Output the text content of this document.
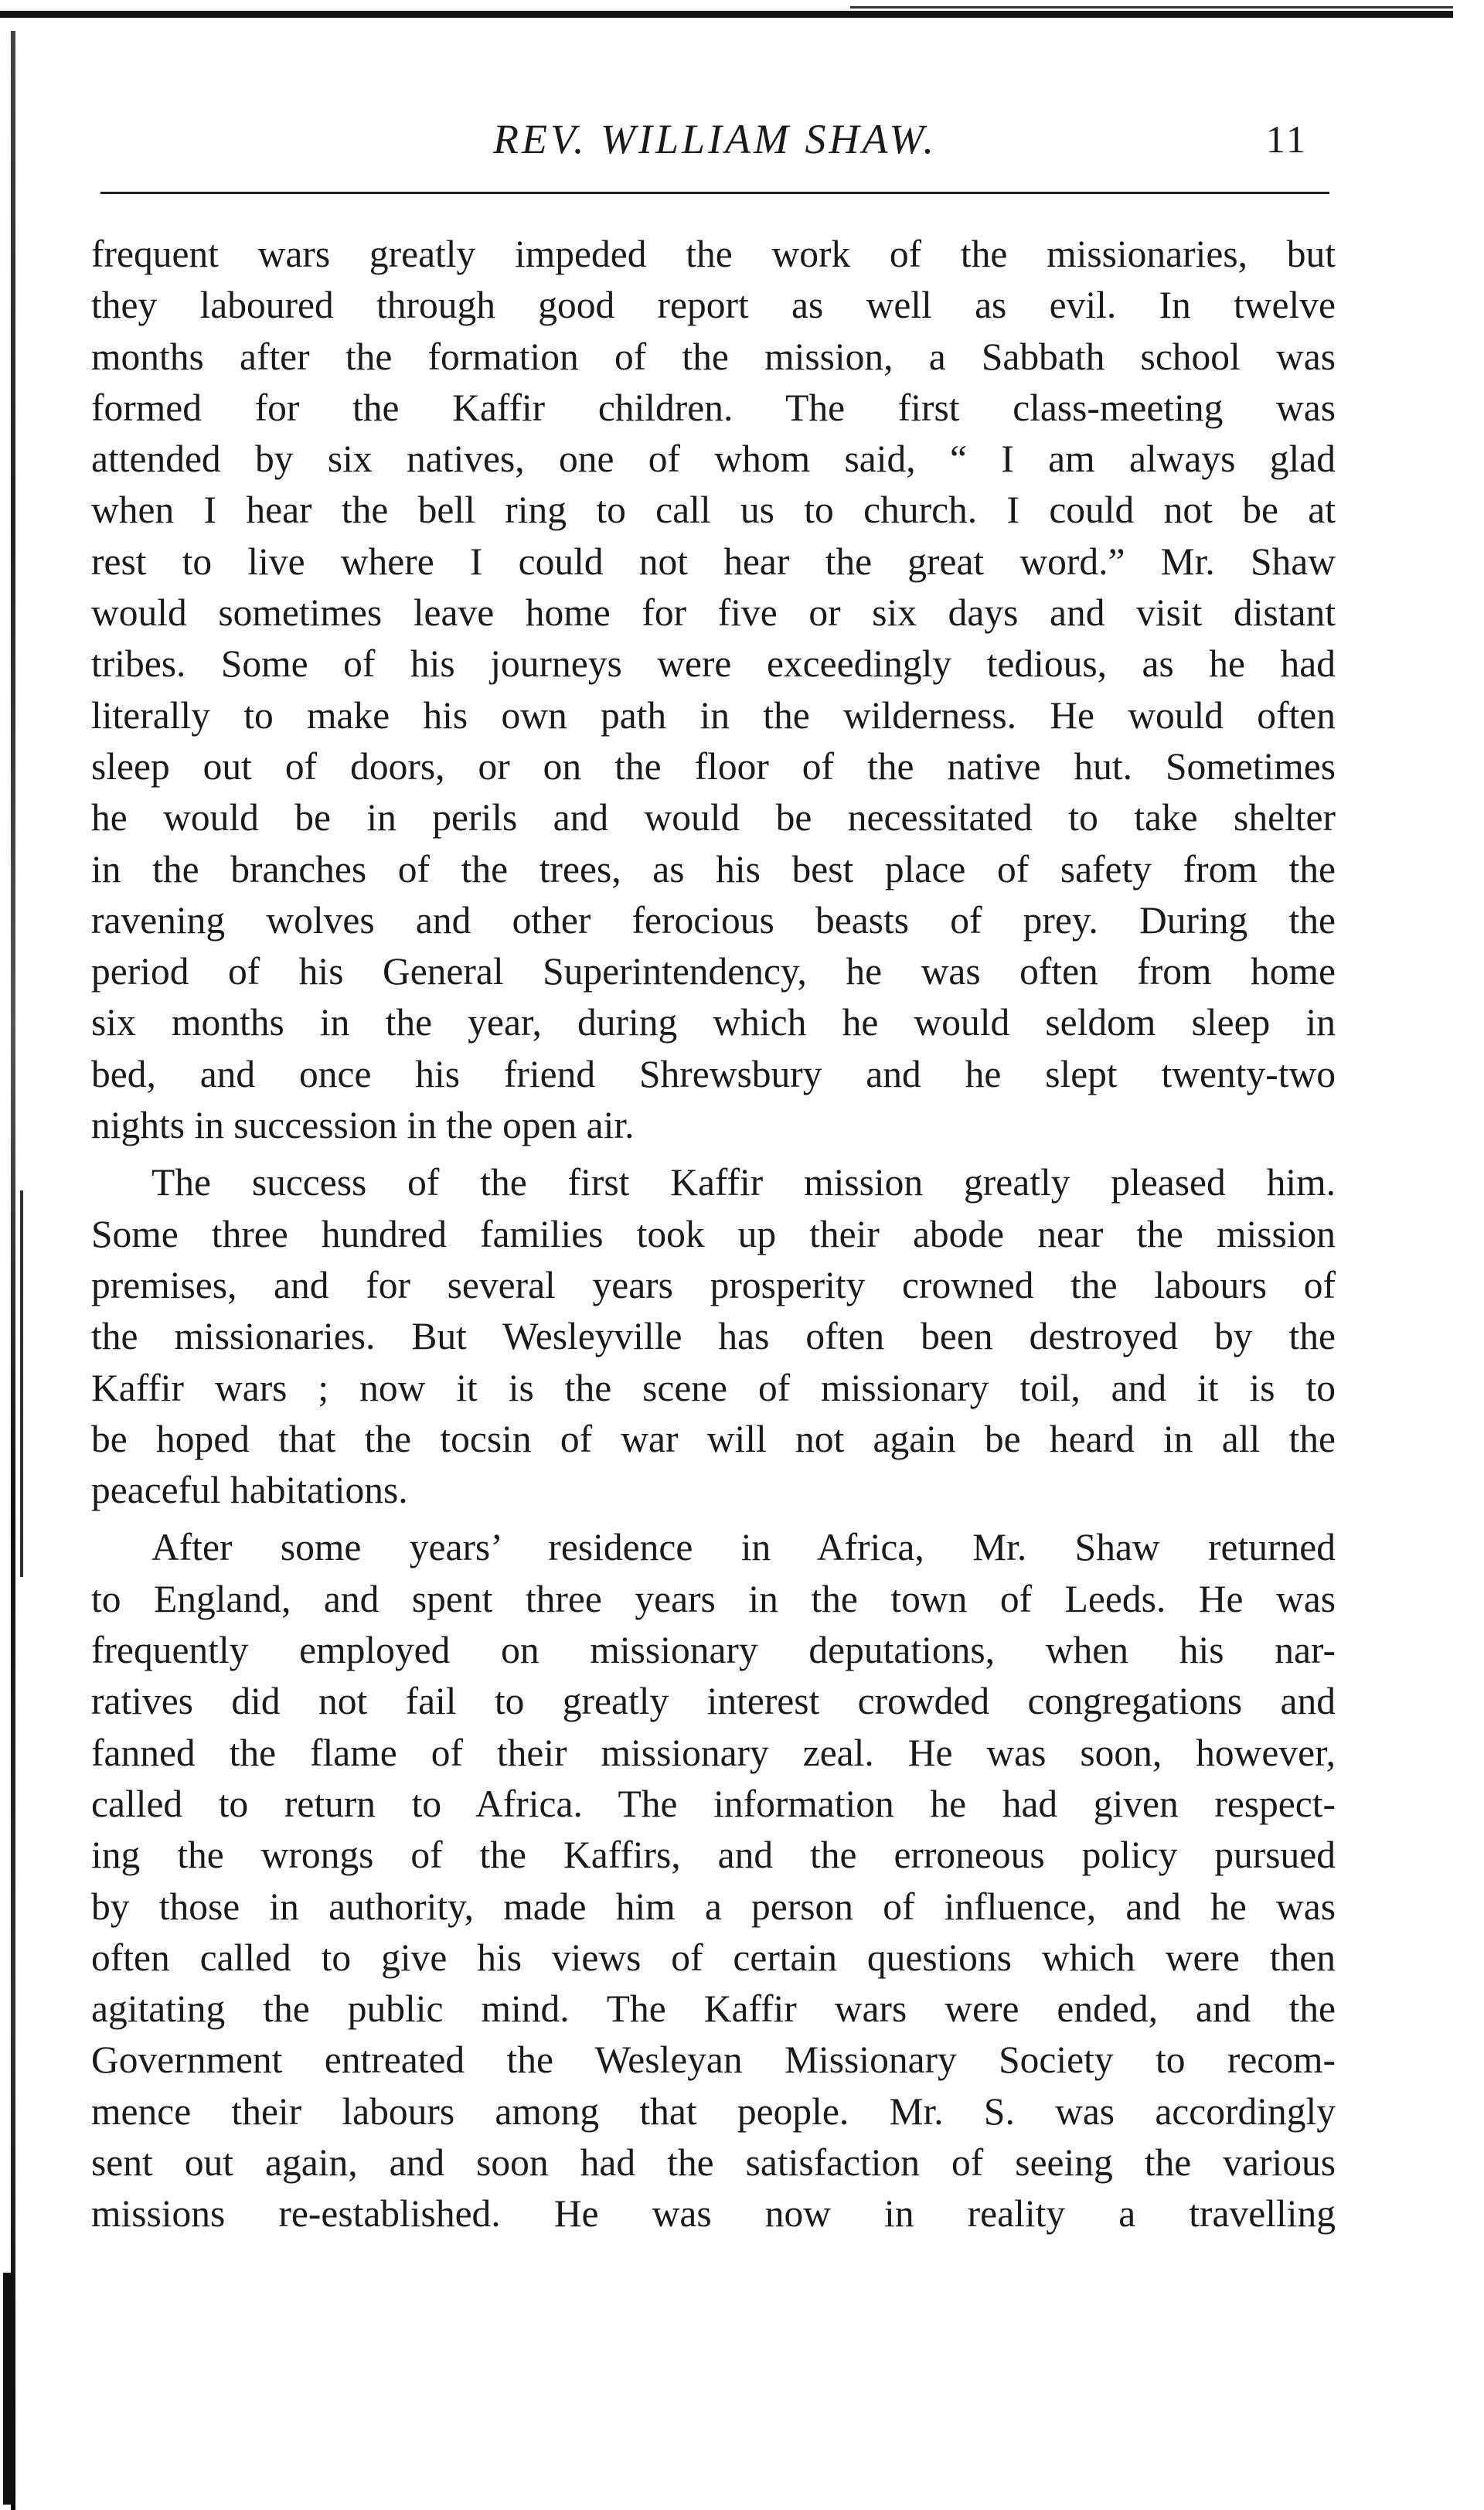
REV. WILLIAM SHAW.	11

frequent wars greatly impeded the work of the missionaries, but

they laboured through good report as well as evil. In twelve

months after the formation of the mission, a Sabbath school was

formed for the Kaffir children. The first class-meeting was

attended by six natives, one of whom said, “ I am always glad

when I hear the bell ring to call us to church. I could not be at

rest to live where I could not hear the great word.” Mr. Shaw

would sometimes leave home for five or six days and visit distant

tribes. Some of his journeys were exceedingly tedious, as he had

literally to make his own path in the wilderness. He would often

sleep out of doors, or on the floor of the native hut. Sometimes

he would be in perils and would be necessitated to take shelter

in the branches of the trees, as his best place of safety from the

ravening wolves and other ferocious beasts of prey. During the

period of his General Superintendency, he was often from home

six months in the year, during which he would seldom sleep in

bed, and once his friend Shrewsbury and he slept twenty-two

nights in succession in the open air.

The success of the first Kaffir mission greatly pleased him.

Some three hundred families took up their abode near the mission

premises, and for several years prosperity crowned the labours of

the missionaries. But Wesleyville has often been destroyed by the

Kaffir wars ; now it is the scene of missionary toil, and it is to

be hoped that the tocsin of war will not again be heard in all the

peaceful habitations.

After some years’ residence in Africa, Mr. Shaw returned

to England, and spent three years in the town of Leeds. He was

frequently employed on missionary deputations, when his nar-

ratives did not fail to greatly interest crowded congregations and

fanned the flame of their missionary zeal. He was soon, however,

called to return to Africa. The information he had given respect-

ing the wrongs of the Kaffirs, and the erroneous policy pursued

by those in authority, made him a person of influence, and he was

often called to give his views of certain questions which were then

agitating the public mind. The Kaffir wars were ended, and the

Government entreated the Wesleyan Missionary Society to recom-

mence their labours among that people. Mr. S. was accordingly

sent out again, and soon had the satisfaction of seeing the various

missions re-established. He was now in reality a travelling
